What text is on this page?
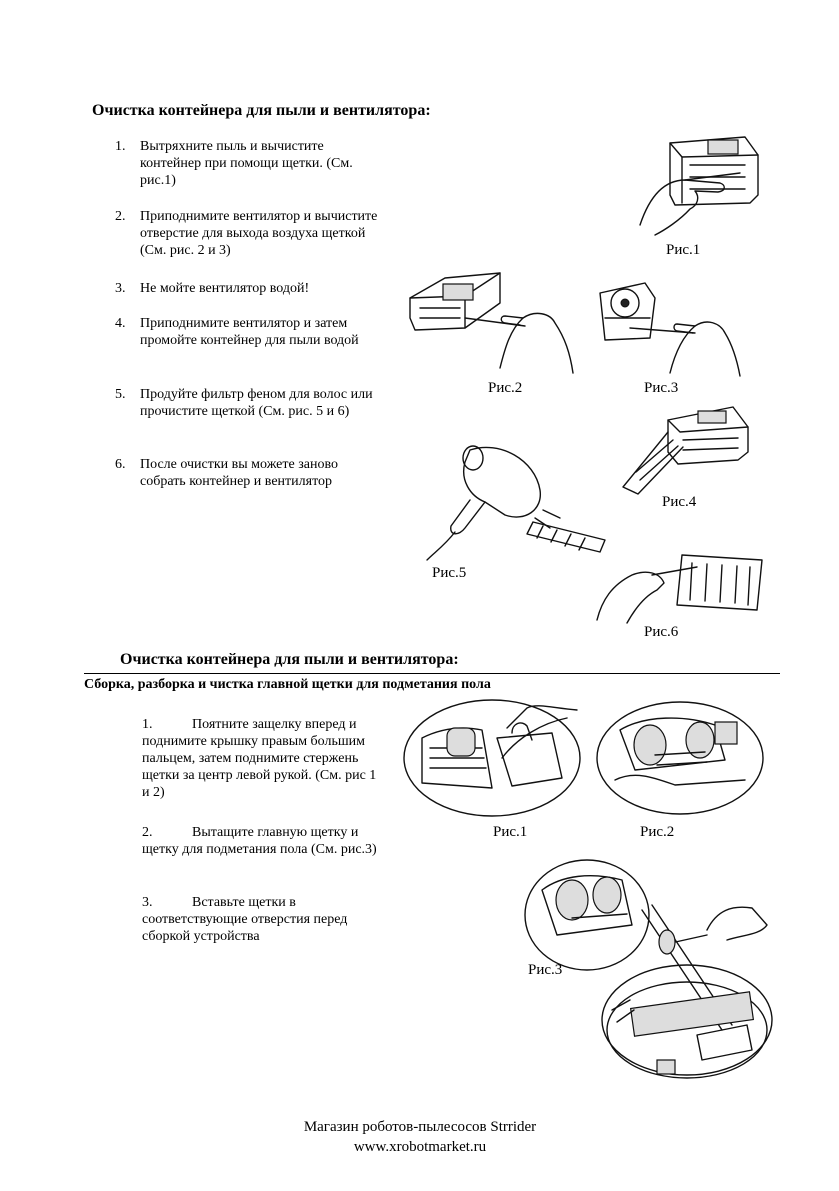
Очистка контейнера для пыли и вентилятора:
1. Вытряхните пыль и вычистите контейнер при помощи щетки. (См. рис.1)
2. Приподнимите вентилятор и вычистите отверстие для выхода воздуха щеткой (См. рис. 2 и 3)
3. Не мойте вентилятор водой!
4. Приподнимите вентилятор и затем промойте контейнер для пыли водой
5. Продуйте фильтр феном для волос или прочистите щеткой (См. рис. 5 и 6)
6. После очистки вы можете заново собрать контейнер и вентилятор
Рис.1
Рис.2	Рис.3
Рис.4
Рис.5
Рис.6
Очистка контейнера для пыли и вентилятора:
Сборка, разборка и чистка главной щетки для подметания пола
1.	Поятните защелку вперед и поднимите крышку правым большим пальцем, затем поднимите стержень щетки за центр левой рукой. (См. рис 1 и 2)
2.	Вытащите главную щетку и щетку для подметания пола (См. рис.3)
3.	Вставьте щетки в соответствующие отверстия перед сборкой устройства
Рис.1	Рис.2
Рис.3
Магазин роботов-пылесосов Strrider
www.xrobotmarket.ru
